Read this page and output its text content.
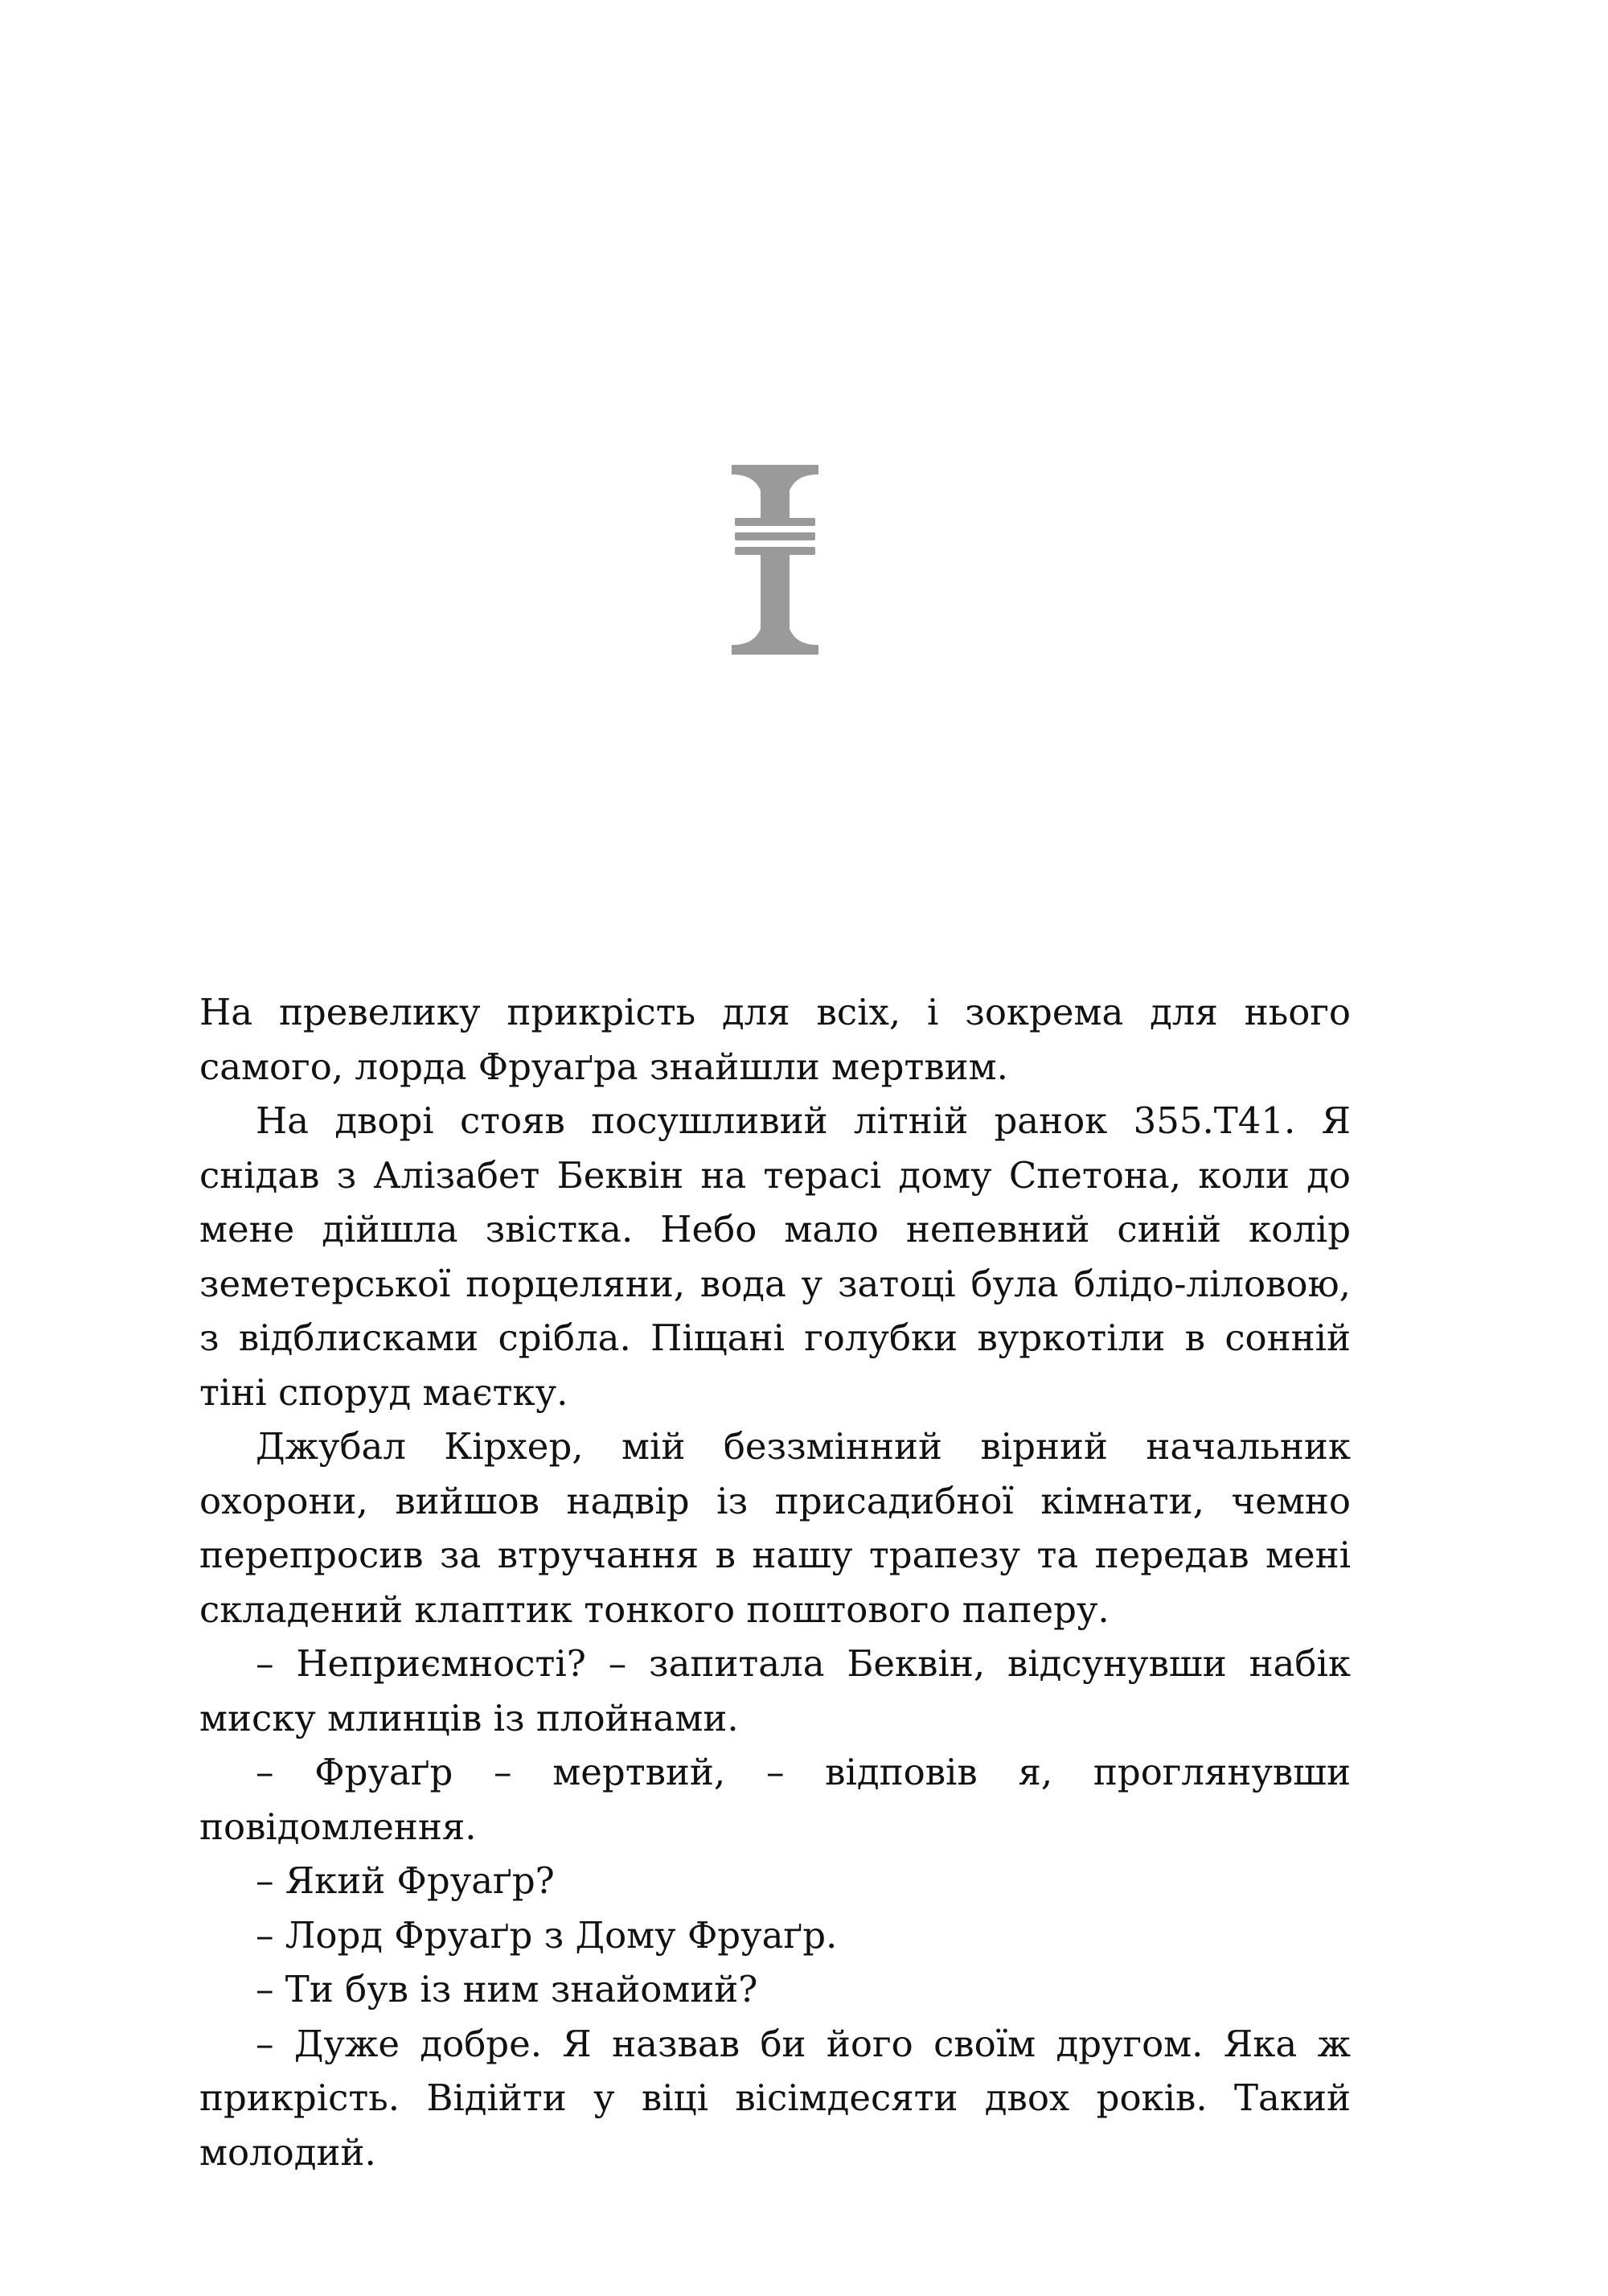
На превелику прикрість для всіх, і зокрема для нього самого, лорда Фруаґра знайшли мертвим.

На дворі стояв посушливий літній ранок 355.Т41. Я снідав з Алізабет Беквін на терасі дому Спетона, коли до мене дійшла звістка. Небо мало непевний синій колір земетерської порцеляни, вода у затоці була блідо-ліловою, з відблисками срібла. Піщані голубки вуркотіли в сонній тіні споруд маєтку.

Джубал Кірхер, мій беззмінний вірний начальник охорони, вийшов надвір із присадибної кімнати, чемно перепросив за втручання в нашу трапезу та передав мені складений клаптик тонкого поштового паперу.

– Неприємності? – запитала Беквін, відсунувши набік миску млинців із плойнами.

– Фруаґр – мертвий, – відповів я, проглянувши повідомлення.

– Який Фруаґр?

– Лорд Фруаґр з Дому Фруаґр.

– Ти був із ним знайомий?

– Дуже добре. Я назвав би його своїм другом. Яка ж прикрість. Відійти у віці вісімдесяти двох років. Такий молодий.
